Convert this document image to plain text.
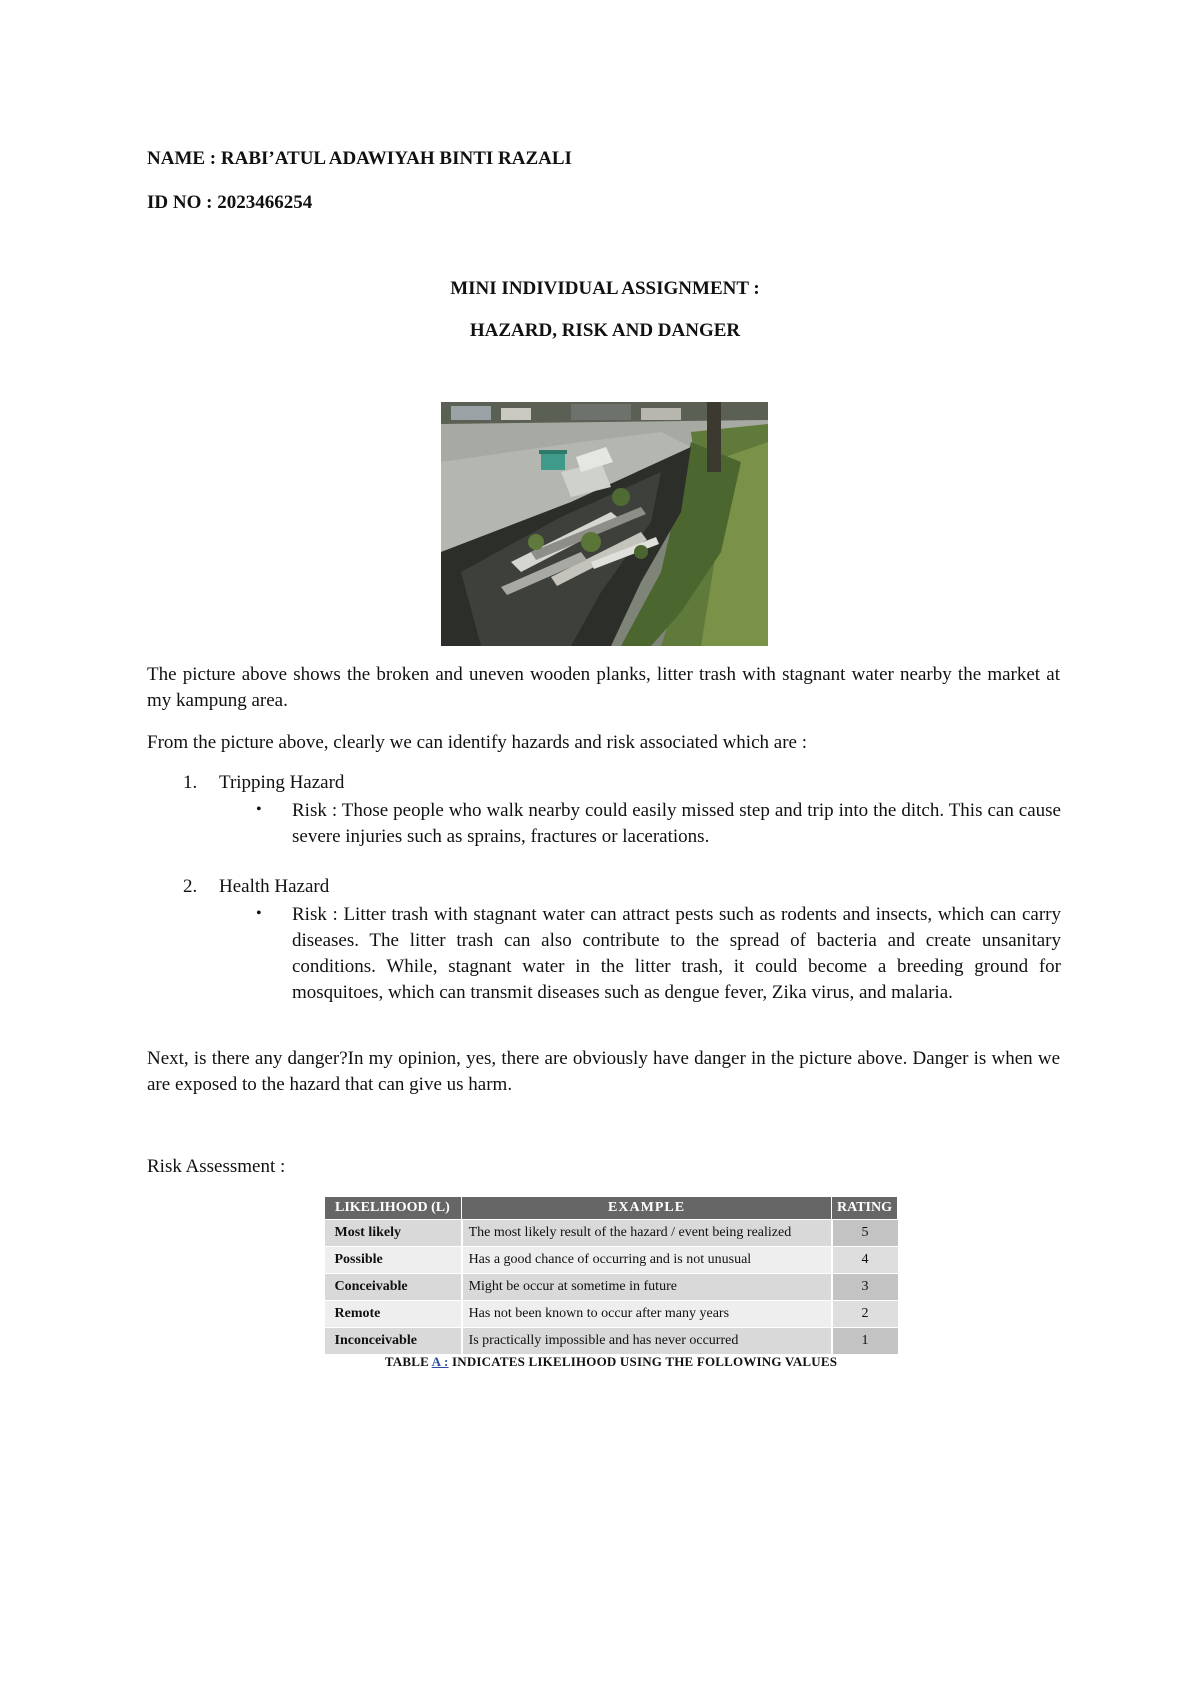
NAME : RABI’ATUL ADAWIYAH BINTI RAZALI
ID NO : 2023466254
MINI INDIVIDUAL ASSIGNMENT :
HAZARD, RISK AND DANGER
The picture above shows the broken and uneven wooden planks, litter trash with stagnant water nearby the market at my kampung area.
From the picture above, clearly we can identify hazards and risk associated which are :
1. Tripping Hazard
• Risk : Those people who walk nearby could easily missed step and trip into the ditch. This can cause severe injuries such as sprains, fractures or lacerations.
2. Health Hazard
• Risk : Litter trash with stagnant water can attract pests such as rodents and insects, which can carry diseases. The litter trash can also contribute to the spread of bacteria and create unsanitary conditions. While, stagnant water in the litter trash, it could become a breeding ground for mosquitoes, which can transmit diseases such as dengue fever, Zika virus, and malaria.
Next, is there any danger?In my opinion, yes, there are obviously have danger in the picture above. Danger is when we are exposed to the hazard that can give us harm.
Risk Assessment :
LIKELIHOOD (L)	EXAMPLE	RATING
Most likely	The most likely result of the hazard / event being realized	5
Possible	Has a good chance of occurring and is not unusual	4
Conceivable	Might be occur at sometime in future	3
Remote	Has not been known to occur after many years	2
Inconceivable	Is practically impossible and has never occurred	1
TABLE A : INDICATES LIKELIHOOD USING THE FOLLOWING VALUES
